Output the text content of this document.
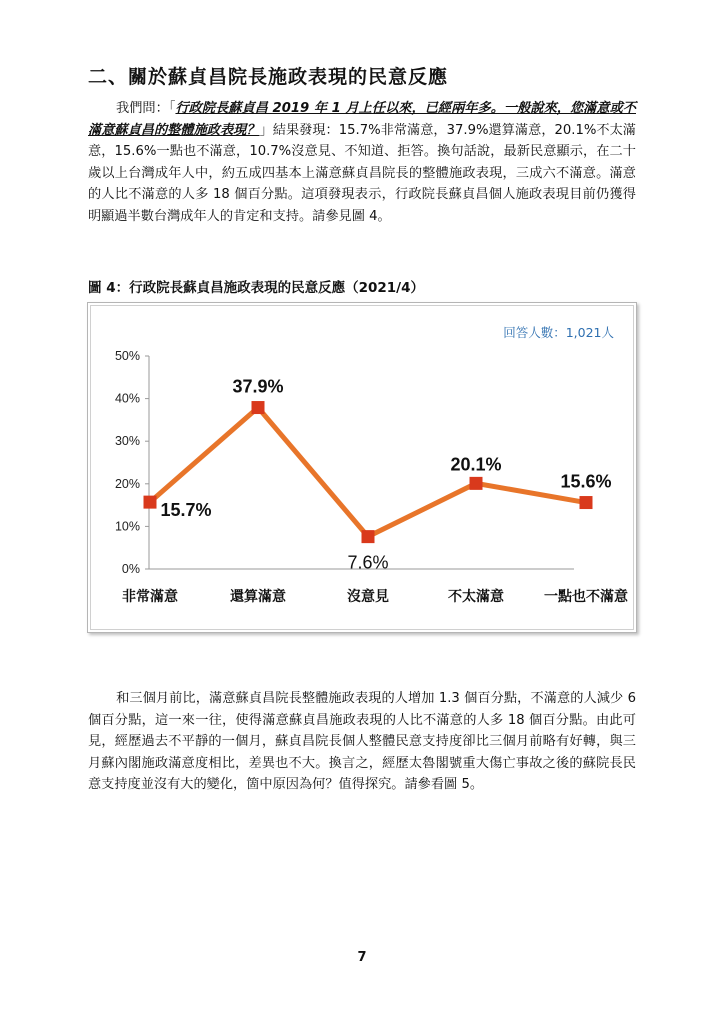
二、關於蘇貞昌院長施政表現的民意反應
我們問：「行政院長蘇貞昌 2019 年 1 月上任以來，已經兩年多。一般說來，您滿意或不滿意蘇貞昌的整體施政表現？」結果發現：15.7%非常滿意，37.9%還算滿意，20.1%不太滿意，15.6%一點也不滿意，10.7%沒意見、不知道、拒答。換句話說，最新民意顯示，在二十歲以上台灣成年人中，約五成四基本上滿意蘇貞昌院長的整體施政表現，三成六不滿意。滿意的人比不滿意的人多 18 個百分點。這項發現表示，行政院長蘇貞昌個人施政表現目前仍獲得明顯過半數台灣成年人的肯定和支持。請參見圖 4。
圖 4：行政院長蘇貞昌施政表現的民意反應（2021/4）
0%
10%
20%
30%
40%
50%
非常滿意	還算滿意	沒意見	不太滿意	一點也不滿意
15.7%
37.9%
7.6%
20.1%
15.6%
回答人數：1,021人
和三個月前比，滿意蘇貞昌院長整體施政表現的人增加 1.3 個百分點，不滿意的人減少 6 個百分點，這一來一往，使得滿意蘇貞昌施政表現的人比不滿意的人多 18 個百分點。由此可見，經歷過去不平靜的一個月，蘇貞昌院長個人整體民意支持度卻比三個月前略有好轉，與三月蘇內閣施政滿意度相比，差異也不大。換言之，經歷太魯閣號重大傷亡事故之後的蘇院長民意支持度並沒有大的變化，箇中原因為何？值得探究。請參看圖 5。
7
